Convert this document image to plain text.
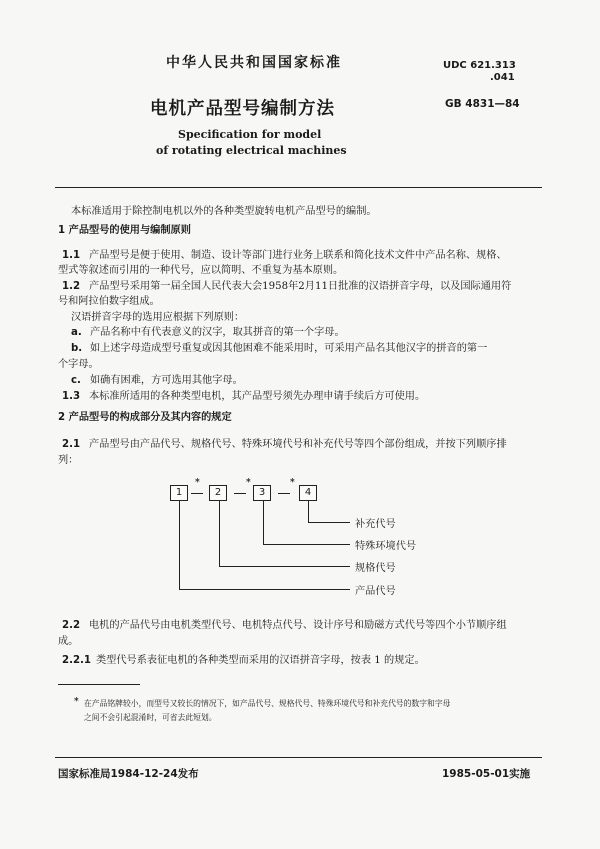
中华人民共和国国家标准	UDC 621.313
.041
GB 4831—84
电机产品型号编制方法
Specification for model
of rotating electrical machines
本标准适用于除控制电机以外的各种类型旋转电机产品型号的编制。
1 产品型号的使用与编制原则
1.1 产品型号是便于使用、制造、设计等部门进行业务上联系和简化技术文件中产品名称、规格、
型式等叙述而引用的一种代号，应以简明、不重复为基本原则。
1.2 产品型号采用第一届全国人民代表大会1958年2月11日批准的汉语拼音字母，以及国际通用符
号和阿拉伯数字组成。
汉语拼音字母的选用应根据下列原则：
a. 产品名称中有代表意义的汉字，取其拼音的第一个字母。
b. 如上述字母造成型号重复或因其他困难不能采用时，可采用产品名其他汉字的拼音的第一
个字母。
c. 如确有困难，方可选用其他字母。
1.3 本标准所适用的各种类型电机，其产品型号须先办理申请手续后方可使用。
2 产品型号的构成部分及其内容的规定
2.1 产品型号由产品代号、规格代号、特殊环境代号和补充代号等四个部份组成，并按下列顺序排
列：
*	*	*
1	2	3	4
补充代号
特殊环境代号
规格代号
产品代号
2.2 电机的产品代号由电机类型代号、电机特点代号、设计序号和励磁方式代号等四个小节顺序组
成。
2.2.1 类型代号系表征电机的各种类型而采用的汉语拼音字母，按表 1 的规定。
* 在产品铭牌较小，而型号又较长的情况下，如产品代号、规格代号、特殊环境代号和补充代号的数字和字母
之间不会引起混淆时，可省去此短划。
国家标准局1984-12-24发布	1985-05-01实施
